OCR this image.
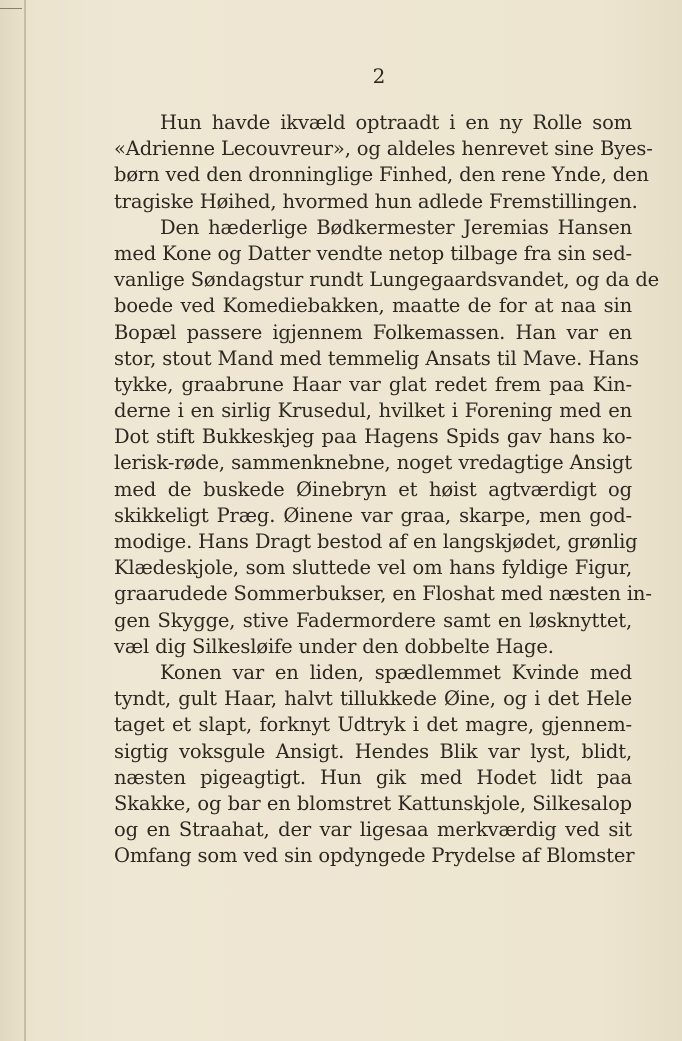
2
Hun havde ikvæld optraadt i en ny Rolle som
«Adrienne Lecouvreur», og aldeles henrevet sine Byes-
børn ved den dronninglige Finhed, den rene Ynde, den
tragiske Høihed, hvormed hun adlede Fremstillingen.
Den hæderlige Bødkermester Jeremias Hansen
med Kone og Datter vendte netop tilbage fra sin sed-
vanlige Søndagstur rundt Lungegaardsvandet, og da de
boede ved Komediebakken, maatte de for at naa sin
Bopæl passere igjennem Folkemassen. Han var en
stor, stout Mand med temmelig Ansats til Mave. Hans
tykke, graabrune Haar var glat redet frem paa Kin-
derne i en sirlig Krusedul, hvilket i Forening med en
Dot stift Bukkeskjeg paa Hagens Spids gav hans ko-
lerisk-røde, sammenknebne, noget vredagtige Ansigt
med de buskede Øinebryn et høist agtværdigt og
skikkeligt Præg. Øinene var graa, skarpe, men god-
modige. Hans Dragt bestod af en langskjødet, grønlig
Klædeskjole, som sluttede vel om hans fyldige Figur,
graarudede Sommerbukser, en Floshat med næsten in-
gen Skygge, stive Fadermordere samt en løsknyttet,
væl dig Silkesløife under den dobbelte Hage.
Konen var en liden, spædlemmet Kvinde med
tyndt, gult Haar, halvt tillukkede Øine, og i det Hele
taget et slapt, forknyt Udtryk i det magre, gjennem-
sigtig voksgule Ansigt. Hendes Blik var lyst, blidt,
næsten pigeagtigt. Hun gik med Hodet lidt paa
Skakke, og bar en blomstret Kattunskjole, Silkesalop
og en Straahat, der var ligesaa merkværdig ved sit
Omfang som ved sin opdyngede Prydelse af Blomster
